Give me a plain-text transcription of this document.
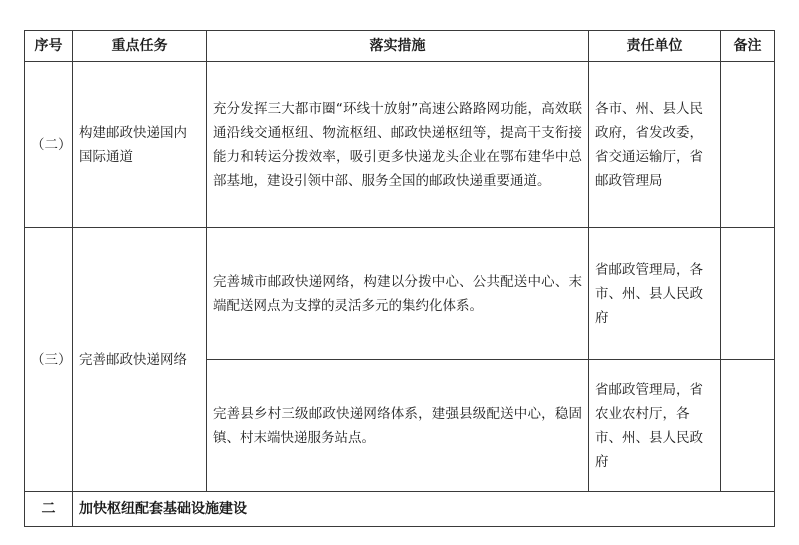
序号	重点任务	落实措施	责任单位	备注
（二）	构建邮政快递国内国际通道	充分发挥三大都市圈“环线十放射”高速公路路网功能，高效联通沿线交通枢纽、物流枢纽、邮政快递枢纽等，提高干支衔接能力和转运分拨效率，吸引更多快递龙头企业在鄂布建华中总部基地，建设引领中部、服务全国的邮政快递重要通道。	各市、州、县人民政府，省发改委，省交通运输厅，省邮政管理局	
（三）	完善邮政快递网络	完善城市邮政快递网络，构建以分拨中心、公共配送中心、末端配送网点为支撑的灵活多元的集约化体系。	省邮政管理局，各市、州、县人民政府	
		完善县乡村三级邮政快递网络体系，建强县级配送中心，稳固镇、村末端快递服务站点。	省邮政管理局，省农业农村厅，各市、州、县人民政府	
二	加快枢纽配套基础设施建设			
